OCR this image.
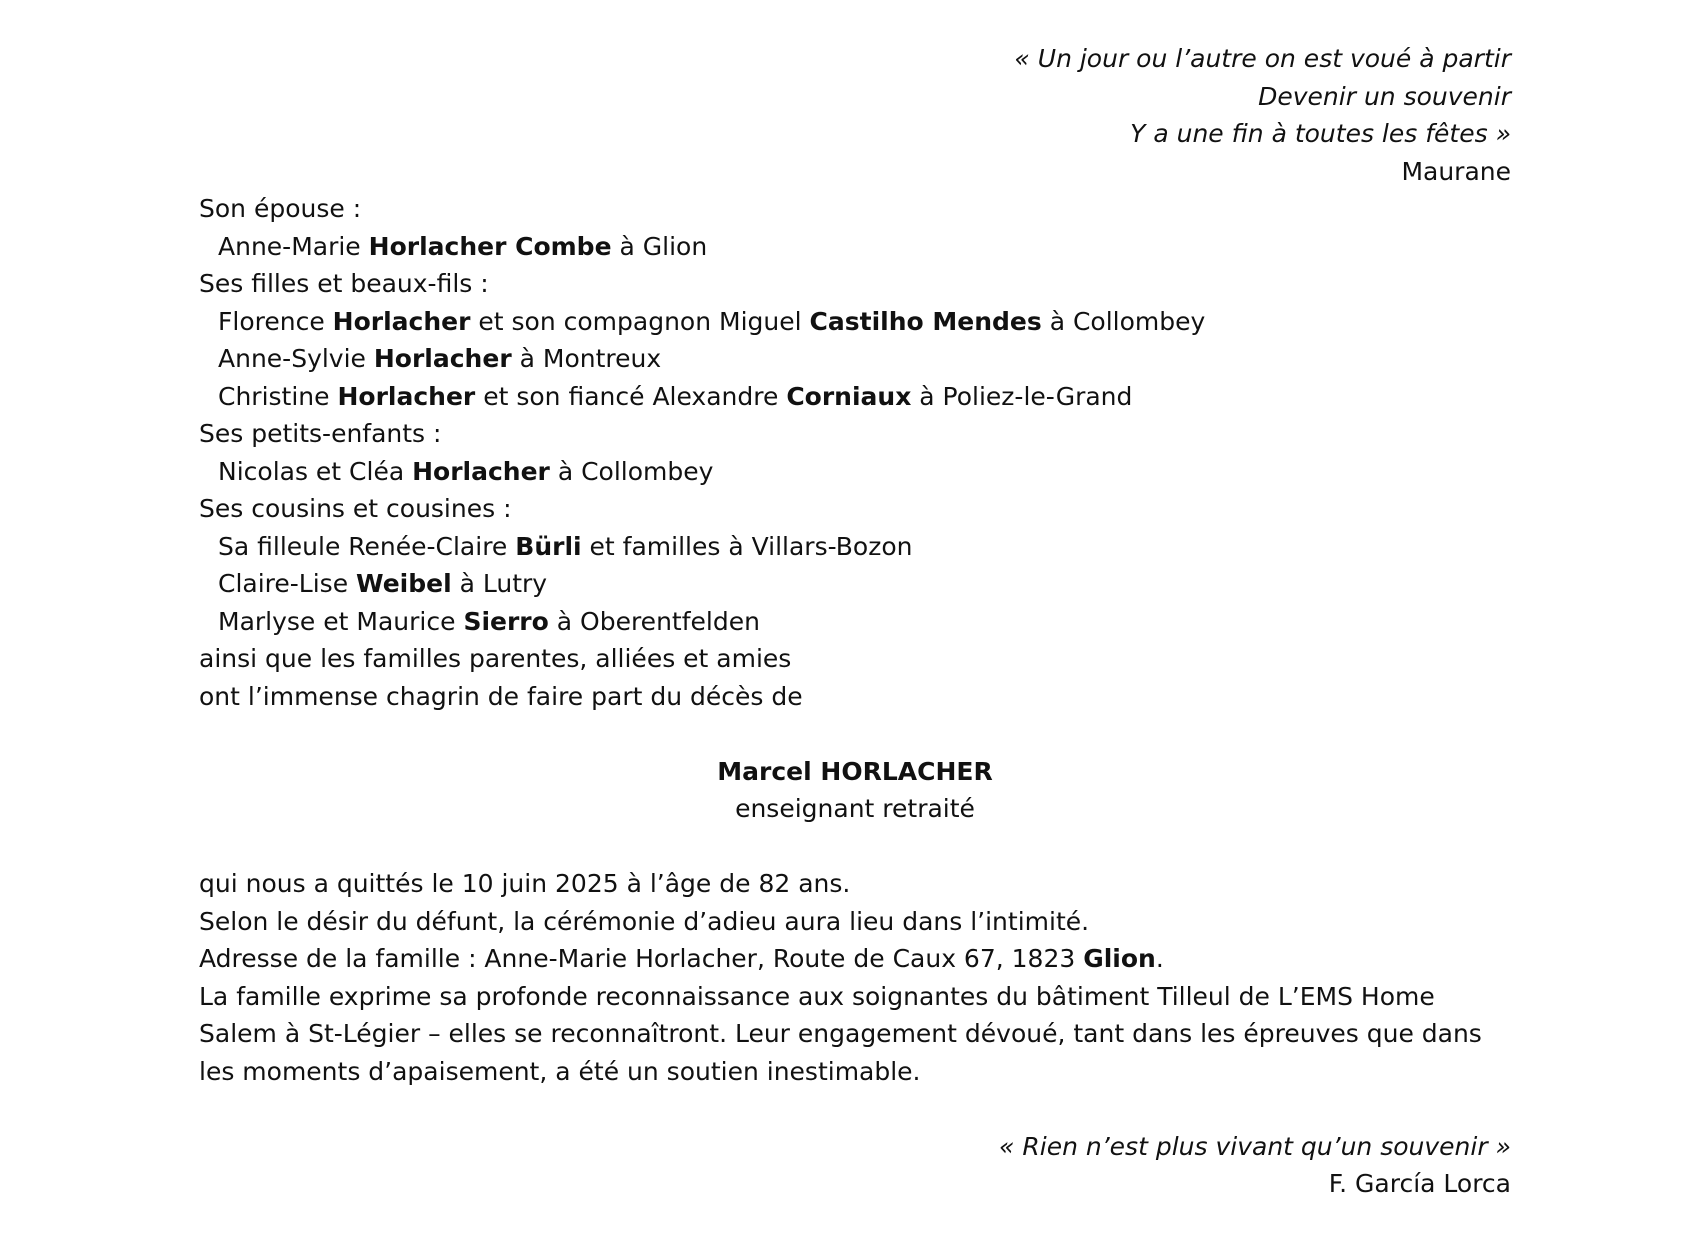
« Un jour ou l’autre on est voué à partir
Devenir un souvenir
Y a une fin à toutes les fêtes »
Maurane
Son épouse :
Anne-Marie Horlacher Combe à Glion
Ses filles et beaux-fils :
Florence Horlacher et son compagnon Miguel Castilho Mendes à Collombey
Anne-Sylvie Horlacher à Montreux
Christine Horlacher et son fiancé Alexandre Corniaux à Poliez-le-Grand
Ses petits-enfants :
Nicolas et Cléa Horlacher à Collombey
Ses cousins et cousines :
Sa filleule Renée-Claire Bürli et familles à Villars-Bozon
Claire-Lise Weibel à Lutry
Marlyse et Maurice Sierro à Oberentfelden
ainsi que les familles parentes, alliées et amies
ont l’immense chagrin de faire part du décès de
Marcel HORLACHER
enseignant retraité
qui nous a quittés le 10 juin 2025 à l’âge de 82 ans.
Selon le désir du défunt, la cérémonie d’adieu aura lieu dans l’intimité.
Adresse de la famille : Anne-Marie Horlacher, Route de Caux 67, 1823 Glion.
La famille exprime sa profonde reconnaissance aux soignantes du bâtiment Tilleul de L’EMS Home
Salem à St-Légier – elles se reconnaîtront. Leur engagement dévoué, tant dans les épreuves que dans
les moments d’apaisement, a été un soutien inestimable.
« Rien n’est plus vivant qu’un souvenir »
F. García Lorca
